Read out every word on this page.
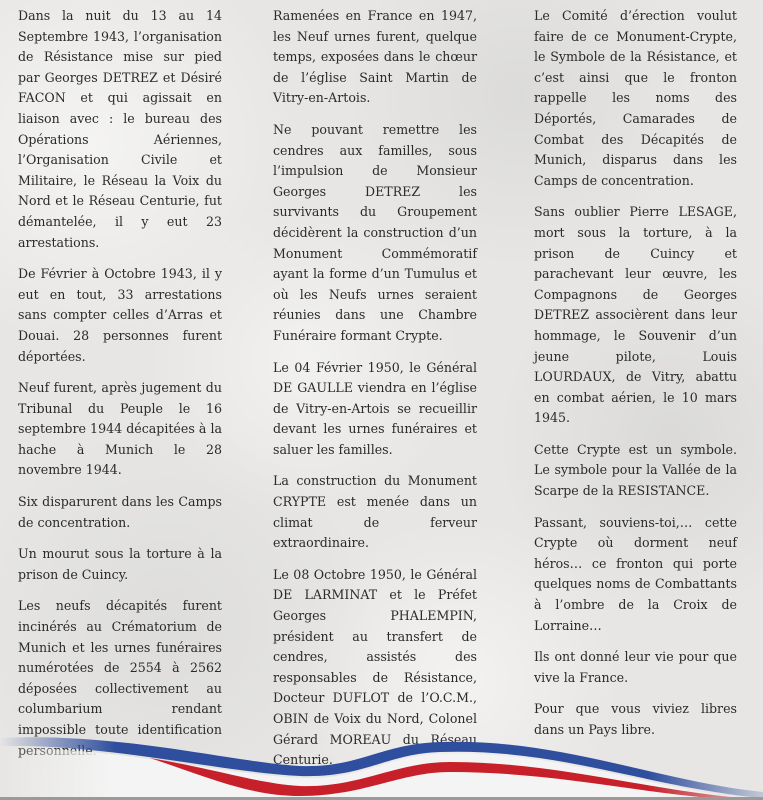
Dans la nuit du 13 au 14 Septembre 1943, l’organisation de Résistance mise sur pied par Georges DETREZ et Désiré FACON et qui agissait en liaison avec : le bureau des Opérations Aériennes, l’Organisation Civile et Militaire, le Réseau la Voix du Nord et le Réseau Centurie, fut démantelée, il y eut 23 arrestations.

De Février à Octobre 1943, il y eut en tout, 33 arrestations sans compter celles d’Arras et Douai. 28 personnes furent déportées.

Neuf furent, après jugement du Tribunal du Peuple le 16 septembre 1944 décapitées à la hache à Munich le 28 novembre 1944.

Six disparurent dans les Camps de concentration.

Un mourut sous la torture à la prison de Cuincy.

Les neufs décapités furent incinérés au Crématorium de Munich et les urnes funéraires numérotées de 2554 à 2562 déposées collectivement au columbarium rendant impossible toute identification

Ramenées en France en 1947, les Neuf urnes furent, quelque temps, exposées dans le chœur de l’église Saint Martin de Vitry-en-Artois.

Ne pouvant remettre les cendres aux familles, sous l’impulsion de Monsieur Georges DETREZ les survivants du Groupement décidèrent la construction d’un Monument Commémoratif ayant la forme d’un Tumulus et où les Neufs urnes seraient réunies dans une Chambre Funéraire formant Crypte.

Le 04 Février 1950, le Général DE GAULLE viendra en l’église de Vitry-en-Artois se recueillir devant les urnes funéraires et saluer les familles.

La construction du Monument CRYPTE est menée dans un climat de ferveur extraordinaire.

Le 08 Octobre 1950, le Général DE LARMINAT et le Préfet Georges PHALEMPIN, président au transfert de cendres, assistés des responsables de Résistance, Docteur DUFLOT de l’O.C.M., OBIN de Voix du Nord, Colonel Gérard MOREAU du Réseau Centurie.

Le Comité d’érection voulut faire de ce Monument-Crypte, le Symbole de la Résistance, et c’est ainsi que le fronton rappelle les noms des Déportés, Camarades de Combat des Décapités de Munich, disparus dans les Camps de concentration.

Sans oublier Pierre LESAGE, mort sous la torture, à la prison de Cuincy et parachevant leur œuvre, les Compagnons de Georges DETREZ associèrent dans leur hommage, le Souvenir d’un jeune pilote, Louis LOURDAUX, de Vitry, abattu en combat aérien, le 10 mars 1945.

Cette Crypte est un symbole. Le symbole pour la Vallée de la Scarpe de la RESISTANCE.

Passant, souviens-toi,… cette Crypte où dorment neuf héros… ce fronton qui porte quelques noms de Combattants à l’ombre de la Croix de Lorraine…

Ils ont donné leur vie pour que vive la France.

Pour que vous viviez libres dans un Pays libre.
